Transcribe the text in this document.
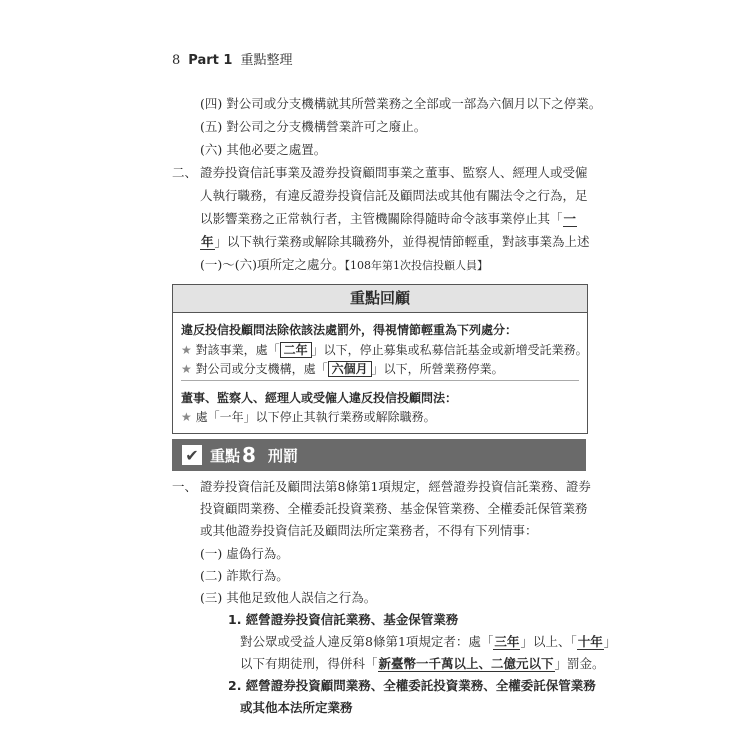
8 Part 1 重點整理
(四) 對公司或分支機構就其所營業務之全部或一部為六個月以下之停業。
(五) 對公司之分支機構營業許可之廢止。
(六) 其他必要之處置。
二、 證券投資信託事業及證券投資顧問事業之董事、監察人、經理人或受僱
人執行職務，有違反證券投資信託及顧問法或其他有關法令之行為，足
以影響業務之正常執行者，主管機關除得隨時命令該事業停止其「一
年」以下執行業務或解除其職務外，並得視情節輕重，對該事業為上述
(一)～(六)項所定之處分。【108年第1次投信投顧人員】
重點回顧
違反投信投顧問法除依該法處罰外，得視情節輕重為下列處分：
★ 對該事業，處「 二年 」以下，停止募集或私募信託基金或新增受託業務。
★ 對公司或分支機構，處「 六個月 」以下，所營業務停業。
董事、監察人、經理人或受僱人違反投信投顧問法：
★ 處「一年」以下停止其執行業務或解除職務。
✔ 重點 8 刑罰
一、 證券投資信託及顧問法第8條第1項規定，經營證券投資信託業務、證券
投資顧問業務、全權委託投資業務、基金保管業務、全權委託保管業務
或其他證券投資信託及顧問法所定業務者，不得有下列情事：
(一) 虛偽行為。
(二) 詐欺行為。
(三) 其他足致他人誤信之行為。
1. 經營證券投資信託業務、基金保管業務
對公眾或受益人違反第8條第1項規定者：處「三年」以上、「十年」
以下有期徒刑，得併科「新臺幣一千萬以上、二億元以下」罰金。
2. 經營證券投資顧問業務、全權委託投資業務、全權委託保管業務
或其他本法所定業務
